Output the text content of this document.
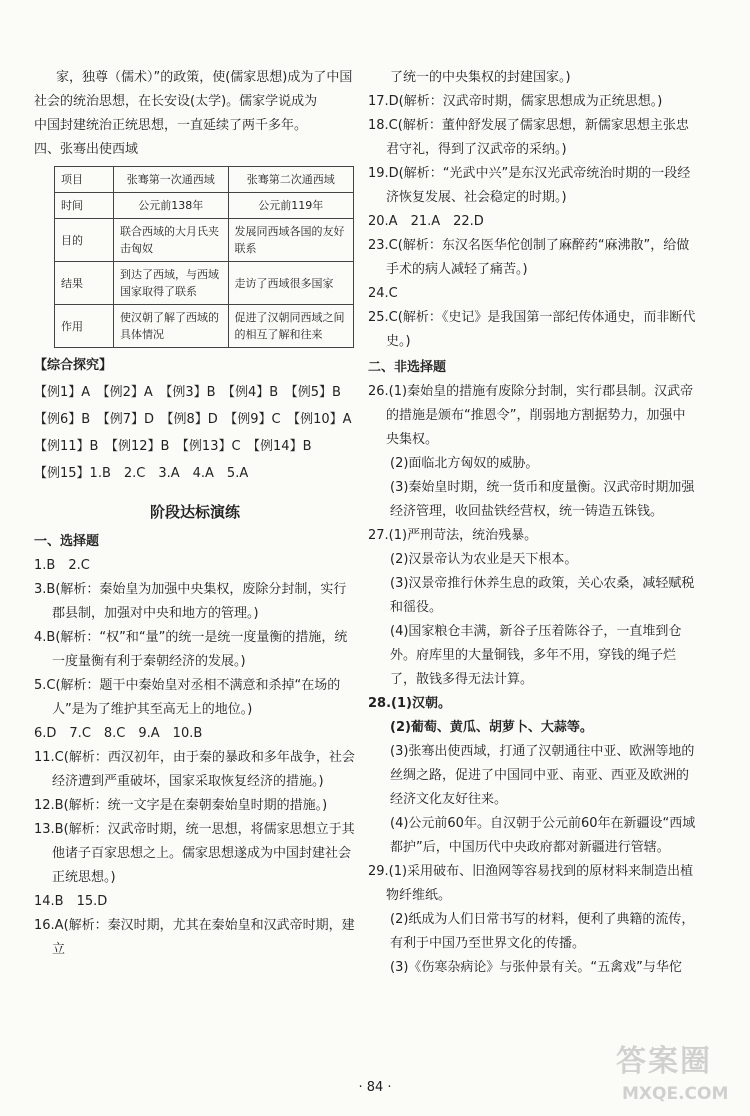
家，独尊（儒术）”的政策，使(儒家思想)成为了中国

社会的统治思想，在长安设(太学)。儒家学说成为

中国封建统治正统思想，一直延续了两千多年。

四、张骞出使西域

项目	张骞第一次通西域	张骞第二次通西域
时间	公元前138年	公元前119年
目的	联合西域的大月氏夹击匈奴	发展同西域各国的友好联系
结果	到达了西域，与西域国家取得了联系	走访了西域很多国家
作用	使汉朝了解了西域的具体情况	促进了汉朝同西域之间的相互了解和往来

【综合探究】

【例1】A　【例2】A　【例3】B　【例4】B　【例5】B

【例6】B　【例7】D　【例8】D　【例9】C　【例10】A

【例11】B　【例12】B　【例13】C　【例14】B

【例15】1.B　2.C　3.A　4.A　5.A

阶段达标演练

一、选择题

1.B　2.C

3.B(解析：秦始皇为加强中央集权，废除分封制，实行郡县制，加强对中央和地方的管理。)

4.B(解析：“权”和“量”的统一是统一度量衡的措施，统一度量衡有利于秦朝经济的发展。)

5.C(解析：题干中秦始皇对丞相不满意和杀掉“在场的人”是为了维护其至高无上的地位。)

6.D　7.C　8.C　9.A　10.B

11.C(解析：西汉初年，由于秦的暴政和多年战争，社会经济遭到严重破坏，国家采取恢复经济的措施。)

12.B(解析：统一文字是在秦朝秦始皇时期的措施。)

13.B(解析：汉武帝时期，统一思想，将儒家思想立于其他诸子百家思想之上。儒家思想遂成为中国封建社会正统思想。)

14.B　15.D

16.A(解析：秦汉时期，尤其在秦始皇和汉武帝时期，建立

了统一的中央集权的封建国家。)

17.D(解析：汉武帝时期，儒家思想成为正统思想。)

18.C(解析：董仲舒发展了儒家思想，新儒家思想主张忠君守礼，得到了汉武帝的采纳。)

19.D(解析：“光武中兴”是东汉光武帝统治时期的一段经济恢复发展、社会稳定的时期。)

20.A　21.A　22.D

23.C(解析：东汉名医华佗创制了麻醉药“麻沸散”，给做手术的病人减轻了痛苦。)

24.C

25.C(解析：《史记》是我国第一部纪传体通史，而非断代史。)

二、非选择题

26.(1)秦始皇的措施有废除分封制，实行郡县制。汉武帝的措施是颁布“推恩令”，削弱地方割据势力，加强中央集权。

(2)面临北方匈奴的威胁。

(3)秦始皇时期，统一货币和度量衡。汉武帝时期加强经济管理，收回盐铁经营权，统一铸造五铢钱。

27.(1)严刑苛法，统治残暴。

(2)汉景帝认为农业是天下根本。

(3)汉景帝推行休养生息的政策，关心农桑，减轻赋税和徭役。

(4)国家粮仓丰满，新谷子压着陈谷子，一直堆到仓外。府库里的大量铜钱，多年不用，穿钱的绳子烂了，散钱多得无法计算。

28.(1)汉朝。

(2)葡萄、黄瓜、胡萝卜、大蒜等。

(3)张骞出使西域，打通了汉朝通往中亚、欧洲等地的丝绸之路，促进了中国同中亚、南亚、西亚及欧洲的经济文化友好往来。

(4)公元前60年。自汉朝于公元前60年在新疆设“西域都护”后，中国历代中央政府都对新疆进行管辖。

29.(1)采用破布、旧渔网等容易找到的原材料来制造出植物纤维纸。

(2)纸成为人们日常书写的材料，便利了典籍的流传，有利于中国乃至世界文化的传播。

(3)《伤寒杂病论》与张仲景有关。“五禽戏”与华佗

· 84 ·
答案圈
MXQE.COM
